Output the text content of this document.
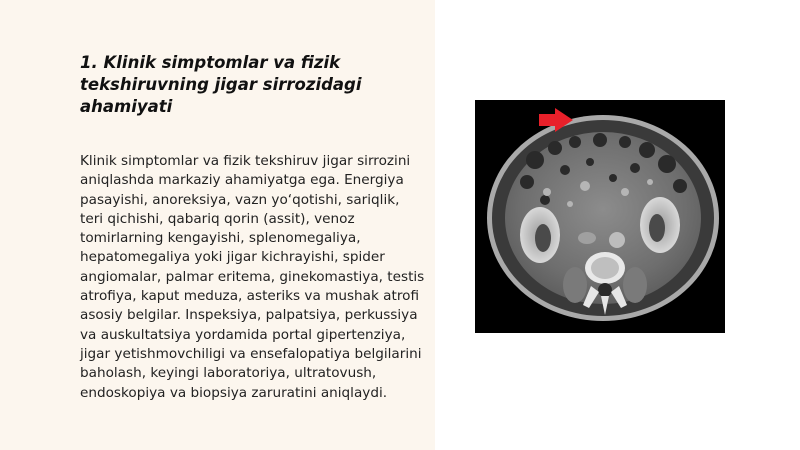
1. Klinik simptomlar va fizik tekshiruvning jigar sirrozidagi ahamiyati

Klinik simptomlar va fizik tekshiruv jigar sirrozini aniqlashda markaziy ahamiyatga ega. Energiya pasayishi, anoreksiya, vazn yo‘qotishi, sariqlik, teri qichishi, qabariq qorin (assit), venoz tomirlarning kengayishi, splenomegaliya, hepatomegaliya yoki jigar kichrayishi, spider angiomalar, palmar eritema, ginekomastiya, testis atrofiya, kaput meduza, asteriks va mushak atrofi asosiy belgilar. Inspeksiya, palpatsiya, perkussiya va auskultatsiya yordamida portal gipertenziya, jigar yetishmovchiligi va ensefalopatiya belgilarini baholash, keyingi laboratoriya, ultratovush, endoskopiya va biopsiya zaruratini aniqlaydi.
